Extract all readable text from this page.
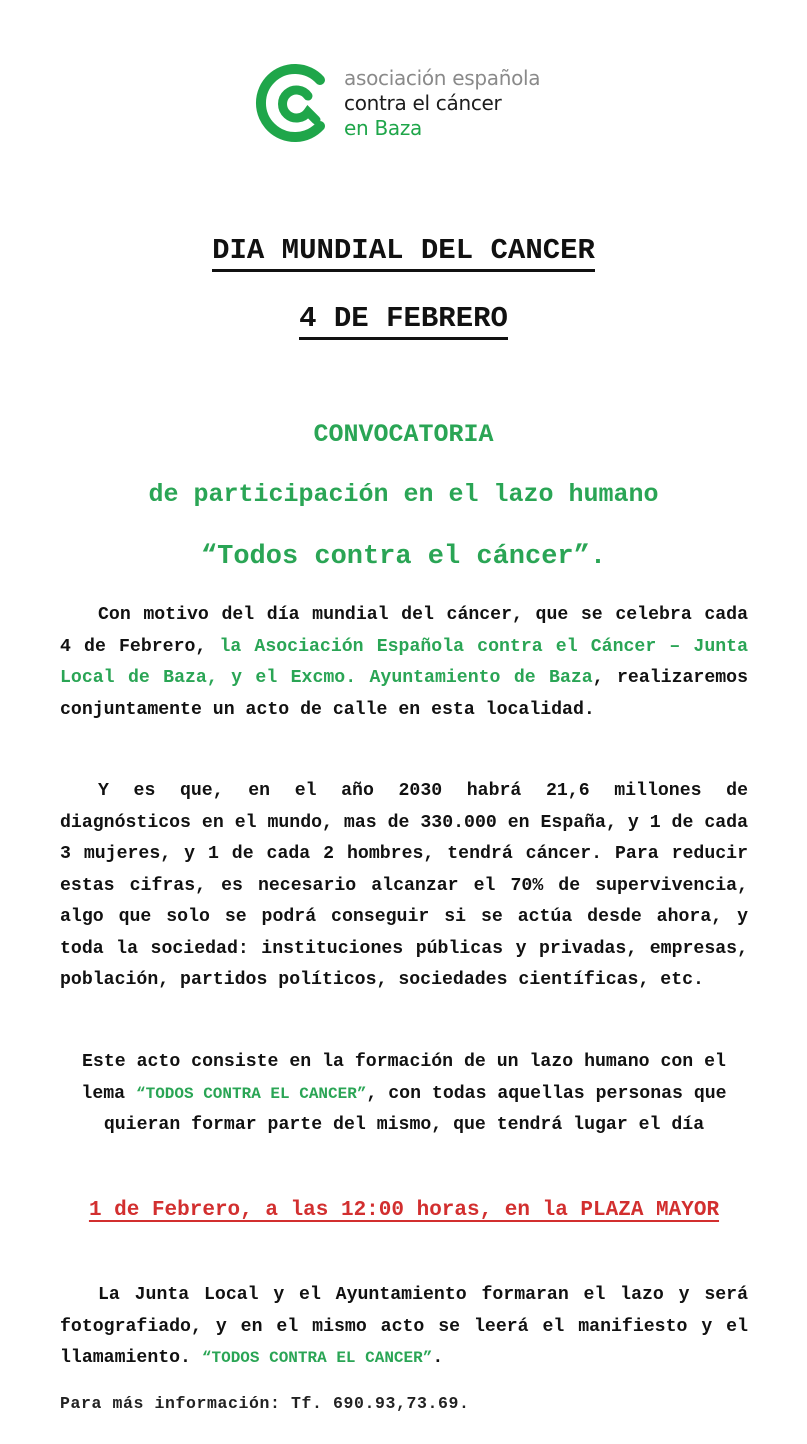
asociación española
contra el cáncer
en Baza
DIA MUNDIAL DEL CANCER
4 DE FEBRERO
CONVOCATORIA
de participación en el lazo humano
“Todos contra el cáncer”.
Con motivo del día mundial del cáncer, que se celebra cada 4 de Febrero, la Asociación Española contra el Cáncer – Junta Local de Baza, y el Excmo. Ayuntamiento de Baza, realizaremos conjuntamente un acto de calle en esta localidad.
Y es que, en el año 2030 habrá 21,6 millones de diagnósticos en el mundo, mas de 330.000 en España, y 1 de cada 3 mujeres, y 1 de cada 2 hombres, tendrá cáncer. Para reducir estas cifras, es necesario alcanzar el 70% de supervivencia, algo que solo se podrá conseguir si se actúa desde ahora, y toda la sociedad: instituciones públicas y privadas, empresas, población, partidos políticos, sociedades científicas, etc.
Este acto consiste en la formación de un lazo humano con el lema “TODOS CONTRA EL CANCER”, con todas aquellas personas que quieran formar parte del mismo, que tendrá lugar el día
1 de Febrero, a las 12:00 horas, en la PLAZA MAYOR
La Junta Local y el Ayuntamiento formaran el lazo y será fotografiado, y en el mismo acto se leerá el manifiesto y el llamamiento. “TODOS CONTRA EL CANCER”.
Para más información: Tf. 690.93,73.69.
